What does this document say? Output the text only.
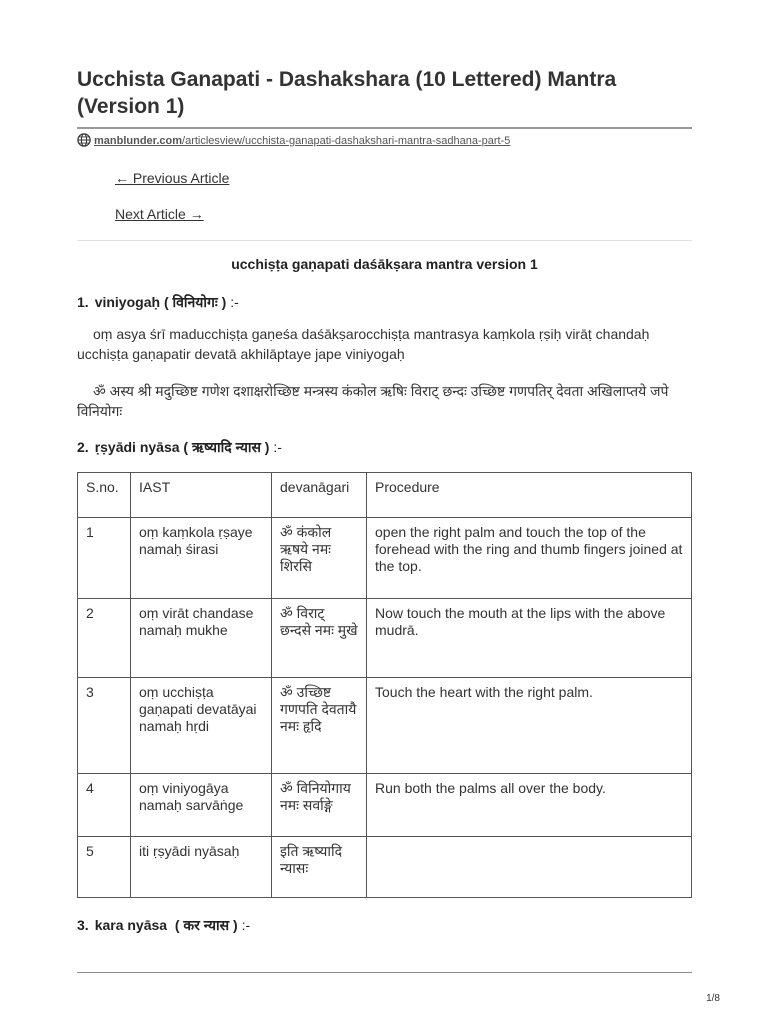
Ucchista Ganapati - Dashakshara (10 Lettered) Mantra (Version 1)
manblunder.com/articlesview/ucchista-ganapati-dashakshari-mantra-sadhana-part-5
← Previous Article
Next Article →
ucchiṣṭa gaṇapati daśākṣara mantra version 1
1. viniyogaḥ ( विनियोगः ) :-

oṃ asya śrī maducchiṣṭa gaṇeśa daśākṣarocchiṣṭa mantrasya kaṃkola ṛṣiḥ virāṭ chandaḥ ucchiṣṭa gaṇapatir devatā akhilāptaye jape viniyogaḥ

ॐ अस्य श्री मदुच्छिष्ट गणेश दशाक्षरोच्छिष्ट मन्त्रस्य कंकोल ऋषिः विराट् छन्दः उच्छिष्ट गणपतिर् देवता अखिलाप्तये जपे विनियोगः

2. ṛṣyādi nyāsa ( ऋष्यादि न्यास ) :-
S.no.	IAST	devanāgari	Procedure
1	oṃ kaṃkola ṛṣaye namaḥ śirasi	ॐ कंकोल ऋषये नमः शिरसि	open the right palm and touch the top of the forehead with the ring and thumb fingers joined at the top.
2	oṃ virāt chandase namaḥ mukhe	ॐ विराट् छन्दसे नमः मुखे	Now touch the mouth at the lips with the above mudrā.
3	oṃ ucchiṣṭa gaṇapati devatāyai namaḥ hṛdi	ॐ उच्छिष्ट गणपति देवतायै नमः हृदि	Touch the heart with the right palm.
4	oṃ viniyogāya namaḥ sarvāṅge	ॐ विनियोगाय नमः सर्वाङ्गे	Run both the palms all over the body.
5	iti ṛṣyādi nyāsaḥ	इति ऋष्यादि न्यासः	
3. kara nyāsa ( कर न्यास ) :-
1/8
